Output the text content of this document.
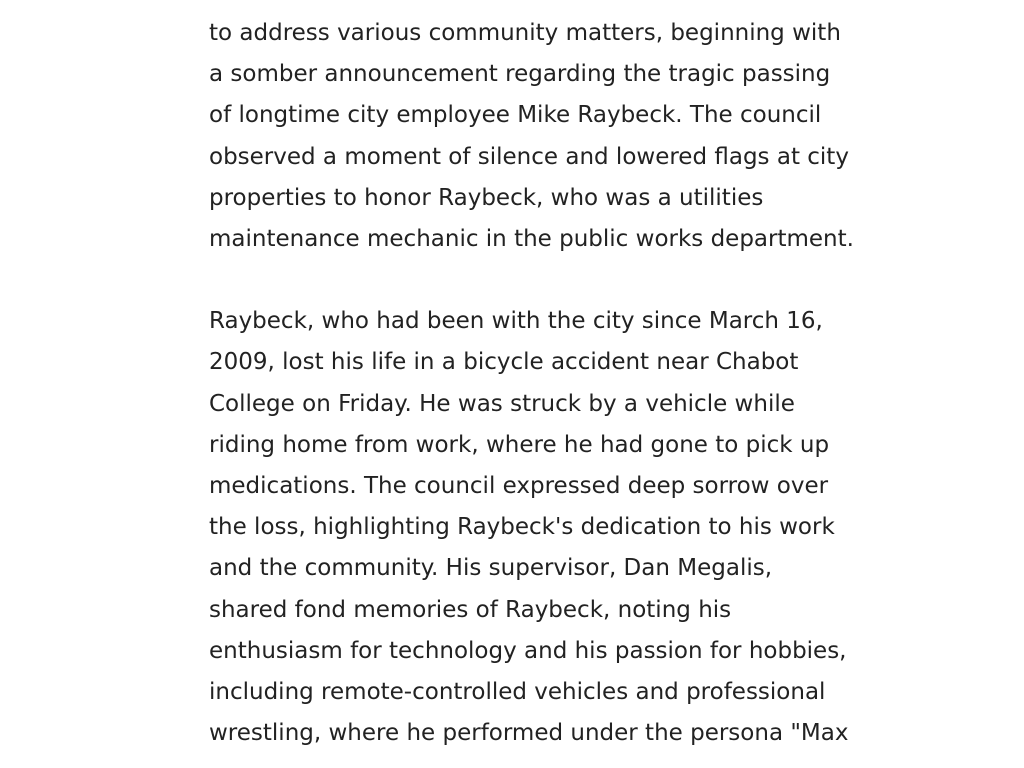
to address various community matters, beginning with
a somber announcement regarding the tragic passing
of longtime city employee Mike Raybeck. The council
observed a moment of silence and lowered flags at city
properties to honor Raybeck, who was a utilities
maintenance mechanic in the public works department.

Raybeck, who had been with the city since March 16,
2009, lost his life in a bicycle accident near Chabot
College on Friday. He was struck by a vehicle while
riding home from work, where he had gone to pick up
medications. The council expressed deep sorrow over
the loss, highlighting Raybeck's dedication to his work
and the community. His supervisor, Dan Megalis,
shared fond memories of Raybeck, noting his
enthusiasm for technology and his passion for hobbies,
including remote-controlled vehicles and professional
wrestling, where he performed under the persona "Max
